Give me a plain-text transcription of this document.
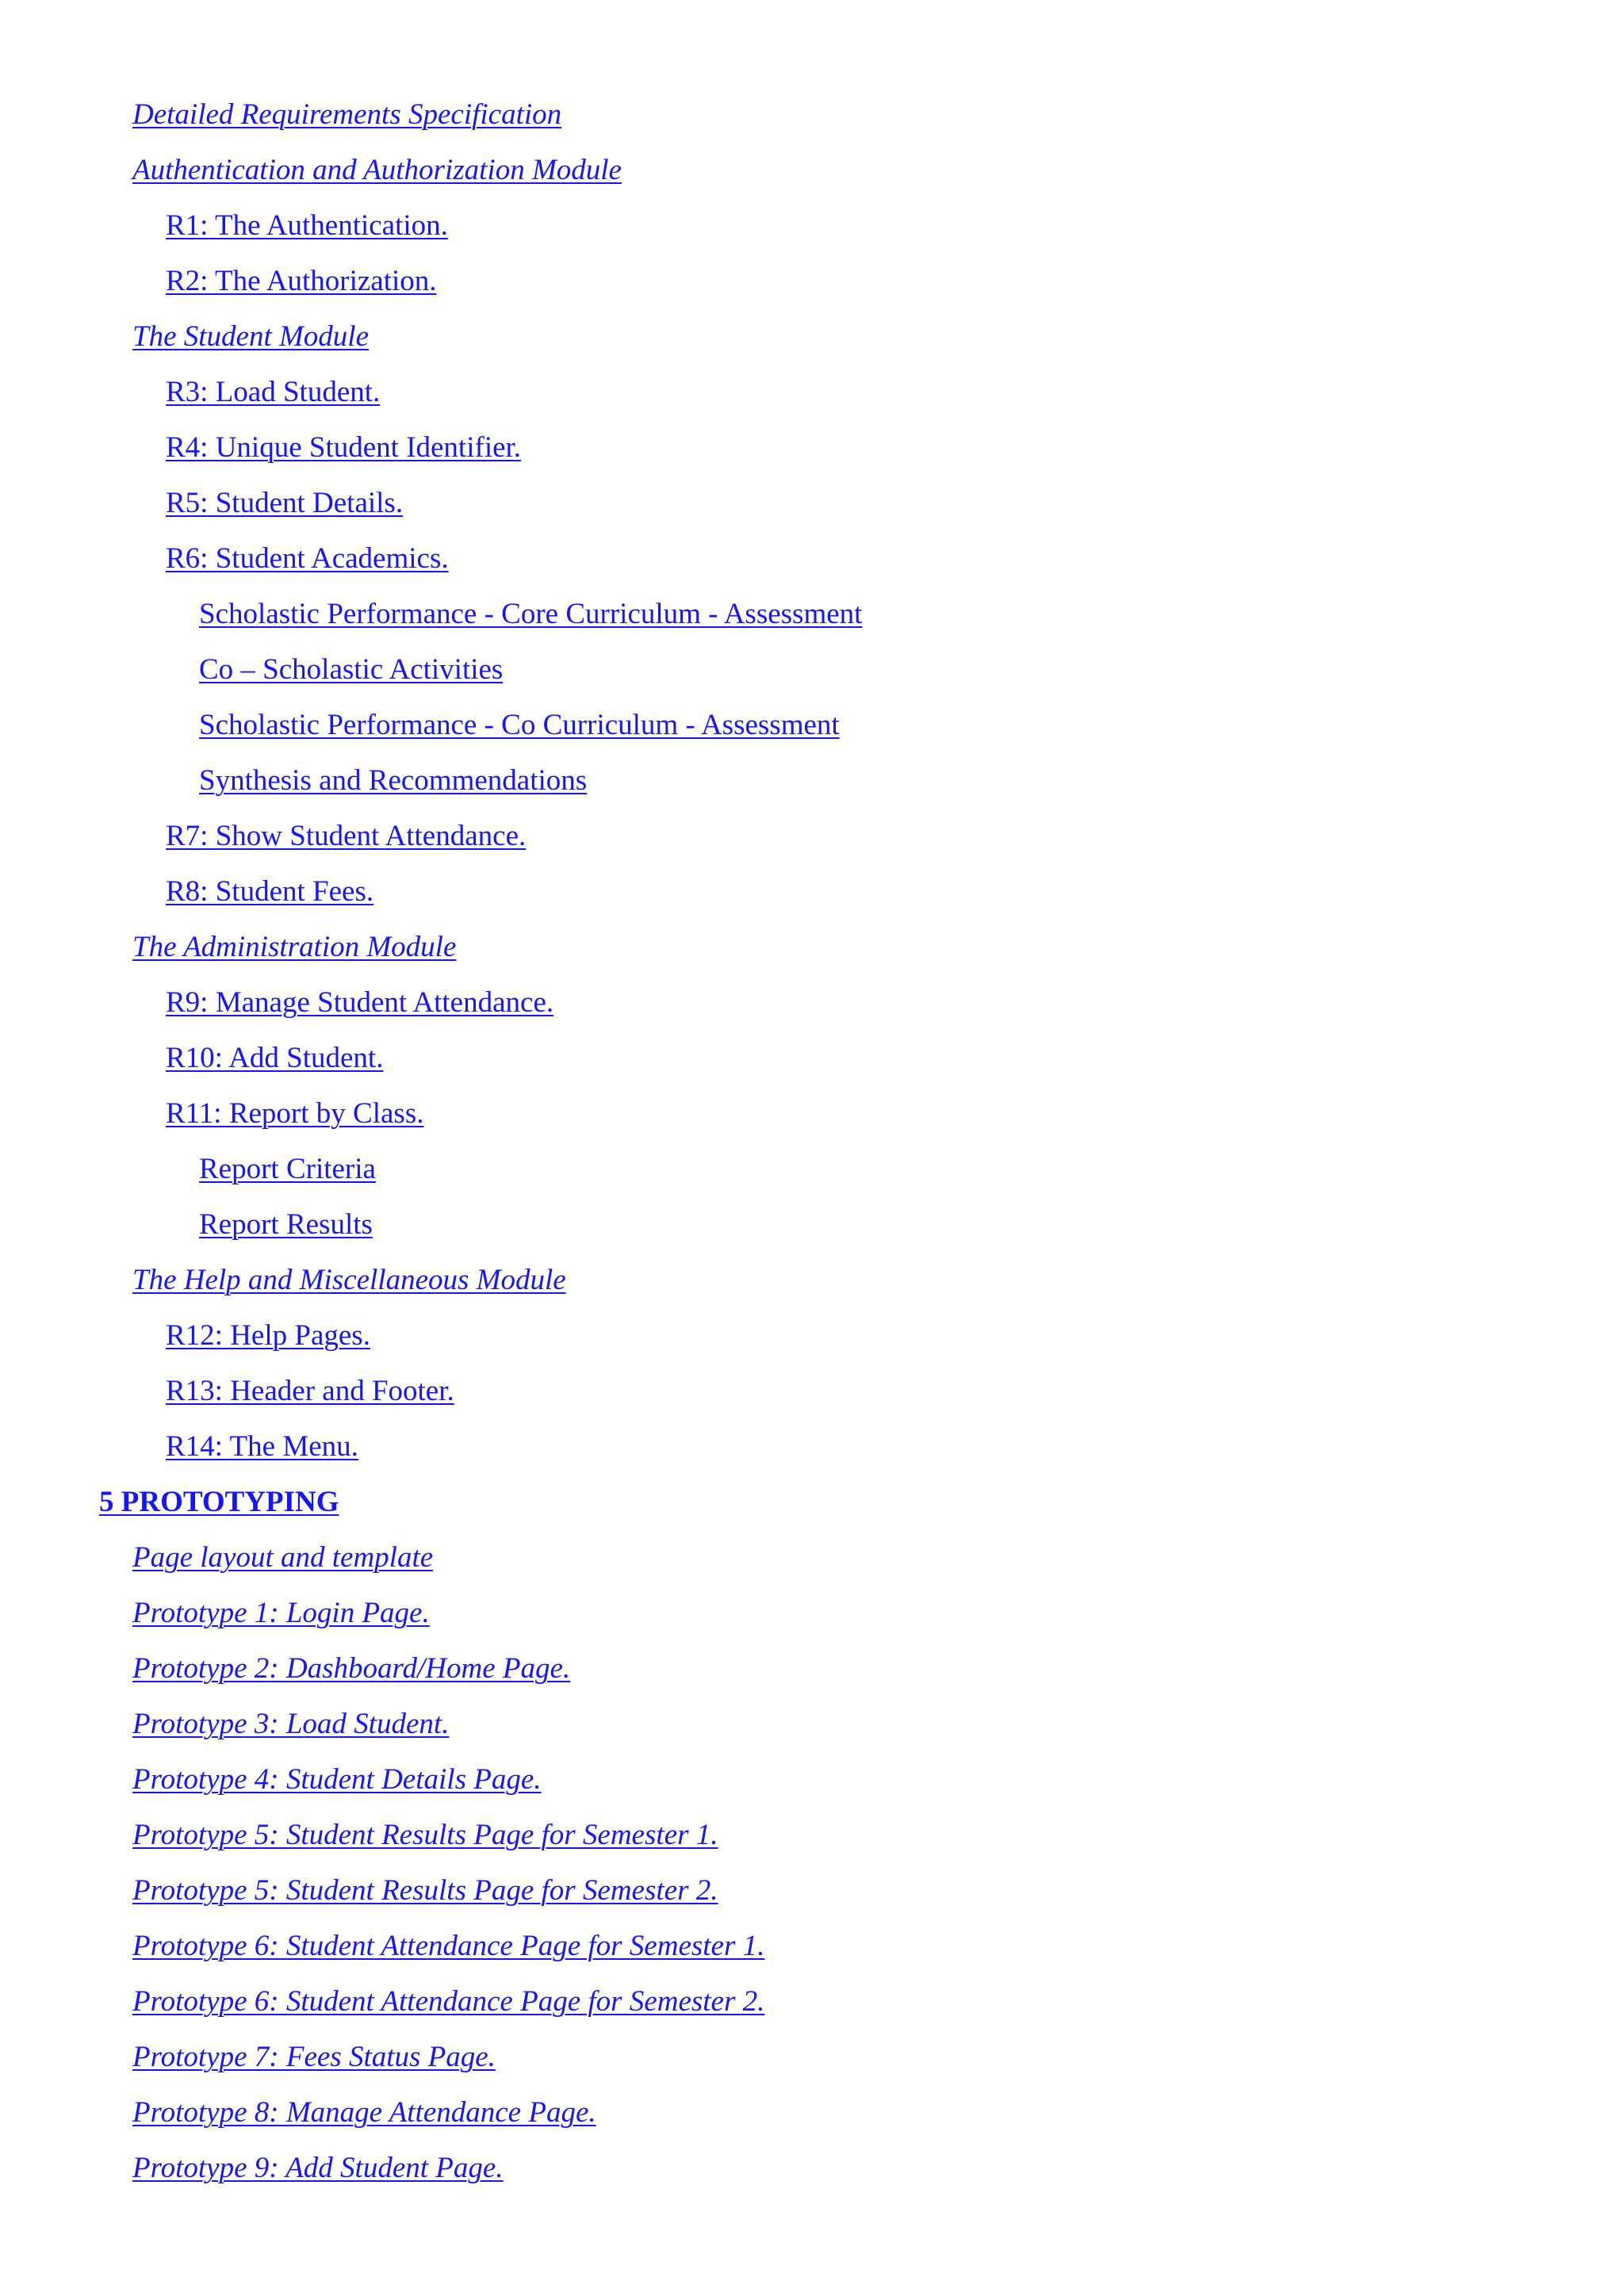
Detailed Requirements Specification
Authentication and Authorization Module
R1: The Authentication.
R2: The Authorization.
The Student Module
R3: Load Student.
R4: Unique Student Identifier.
R5: Student Details.
R6: Student Academics.
Scholastic Performance - Core Curriculum - Assessment
Co – Scholastic Activities
Scholastic Performance - Co Curriculum - Assessment
Synthesis and Recommendations
R7: Show Student Attendance.
R8: Student Fees.
The Administration Module
R9: Manage Student Attendance.
R10: Add Student.
R11: Report by Class.
Report Criteria
Report Results
The Help and Miscellaneous Module
R12: Help Pages.
R13: Header and Footer.
R14: The Menu.
5 PROTOTYPING
Page layout and template
Prototype 1: Login Page.
Prototype 2: Dashboard/Home Page.
Prototype 3: Load Student.
Prototype 4: Student Details Page.
Prototype 5: Student Results Page for Semester 1.
Prototype 5: Student Results Page for Semester 2.
Prototype 6: Student Attendance Page for Semester 1.
Prototype 6: Student Attendance Page for Semester 2.
Prototype 7: Fees Status Page.
Prototype 8: Manage Attendance Page.
Prototype 9: Add Student Page.
